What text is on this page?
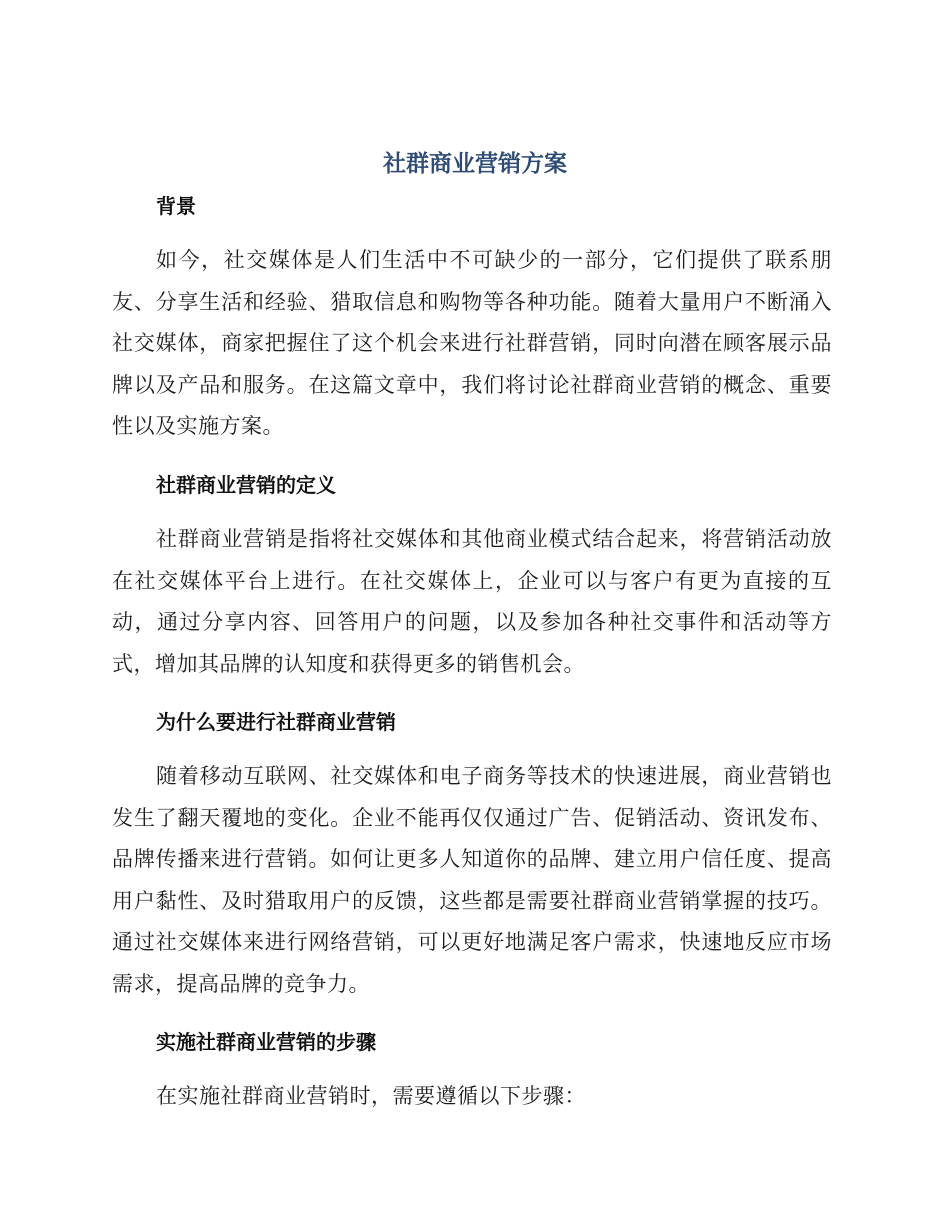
社群商业营销方案
背景

如今，社交媒体是人们生活中不可缺少的一部分，它们提供了联系朋友、分享生活和经验、猎取信息和购物等各种功能。随着大量用户不断涌入社交媒体，商家把握住了这个机会来进行社群营销，同时向潜在顾客展示品牌以及产品和服务。在这篇文章中，我们将讨论社群商业营销的概念、重要性以及实施方案。

社群商业营销的定义

社群商业营销是指将社交媒体和其他商业模式结合起来，将营销活动放在社交媒体平台上进行。在社交媒体上，企业可以与客户有更为直接的互动，通过分享内容、回答用户的问题，以及参加各种社交事件和活动等方式，增加其品牌的认知度和获得更多的销售机会。

为什么要进行社群商业营销

随着移动互联网、社交媒体和电子商务等技术的快速进展，商业营销也发生了翻天覆地的变化。企业不能再仅仅通过广告、促销活动、资讯发布、品牌传播来进行营销。如何让更多人知道你的品牌、建立用户信任度、提高用户黏性、及时猎取用户的反馈，这些都是需要社群商业营销掌握的技巧。通过社交媒体来进行网络营销，可以更好地满足客户需求，快速地反应市场需求，提高品牌的竞争力。

实施社群商业营销的步骤

在实施社群商业营销时，需要遵循以下步骤：
